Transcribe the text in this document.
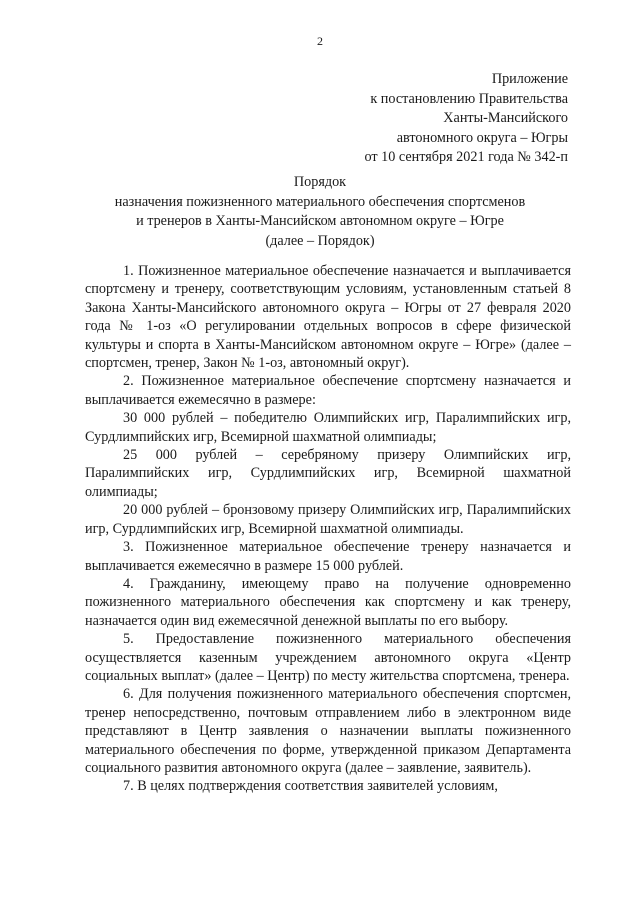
2
Приложение
к постановлению Правительства
Ханты-Мансийского
автономного округа – Югры
от 10 сентября 2021 года № 342-п
Порядок
назначения пожизненного материального обеспечения спортсменов
и тренеров в Ханты-Мансийском автономном округе – Югре
(далее – Порядок)

1. Пожизненное материальное обеспечение назначается и выплачивается спортсмену и тренеру, соответствующим условиям, установленным статьей 8 Закона Ханты-Мансийского автономного округа – Югры от 27 февраля 2020 года № 1-оз «О регулировании отдельных вопросов в сфере физической культуры и спорта в Ханты-Мансийском автономном округе – Югре» (далее – спортсмен, тренер, Закон № 1-оз, автономный округ).

2. Пожизненное материальное обеспечение спортсмену назначается и выплачивается ежемесячно в размере:

30 000 рублей – победителю Олимпийских игр, Паралимпийских игр, Сурдлимпийских игр, Всемирной шахматной олимпиады;

25 000 рублей – серебряному призеру Олимпийских игр, Паралимпийских игр, Сурдлимпийских игр, Всемирной шахматной олимпиады;

20 000 рублей – бронзовому призеру Олимпийских игр, Паралимпийских игр, Сурдлимпийских игр, Всемирной шахматной олимпиады.

3. Пожизненное материальное обеспечение тренеру назначается и выплачивается ежемесячно в размере 15 000 рублей.

4. Гражданину, имеющему право на получение одновременно пожизненного материального обеспечения как спортсмену и как тренеру, назначается один вид ежемесячной денежной выплаты по его выбору.

5. Предоставление пожизненного материального обеспечения осуществляется казенным учреждением автономного округа «Центр социальных выплат» (далее – Центр) по месту жительства спортсмена, тренера.

6. Для получения пожизненного материального обеспечения спортсмен, тренер непосредственно, почтовым отправлением либо в электронном виде представляют в Центр заявления о назначении выплаты пожизненного материального обеспечения по форме, утвержденной приказом Департамента социального развития автономного округа (далее – заявление, заявитель).

7. В целях подтверждения соответствия заявителей условиям,
